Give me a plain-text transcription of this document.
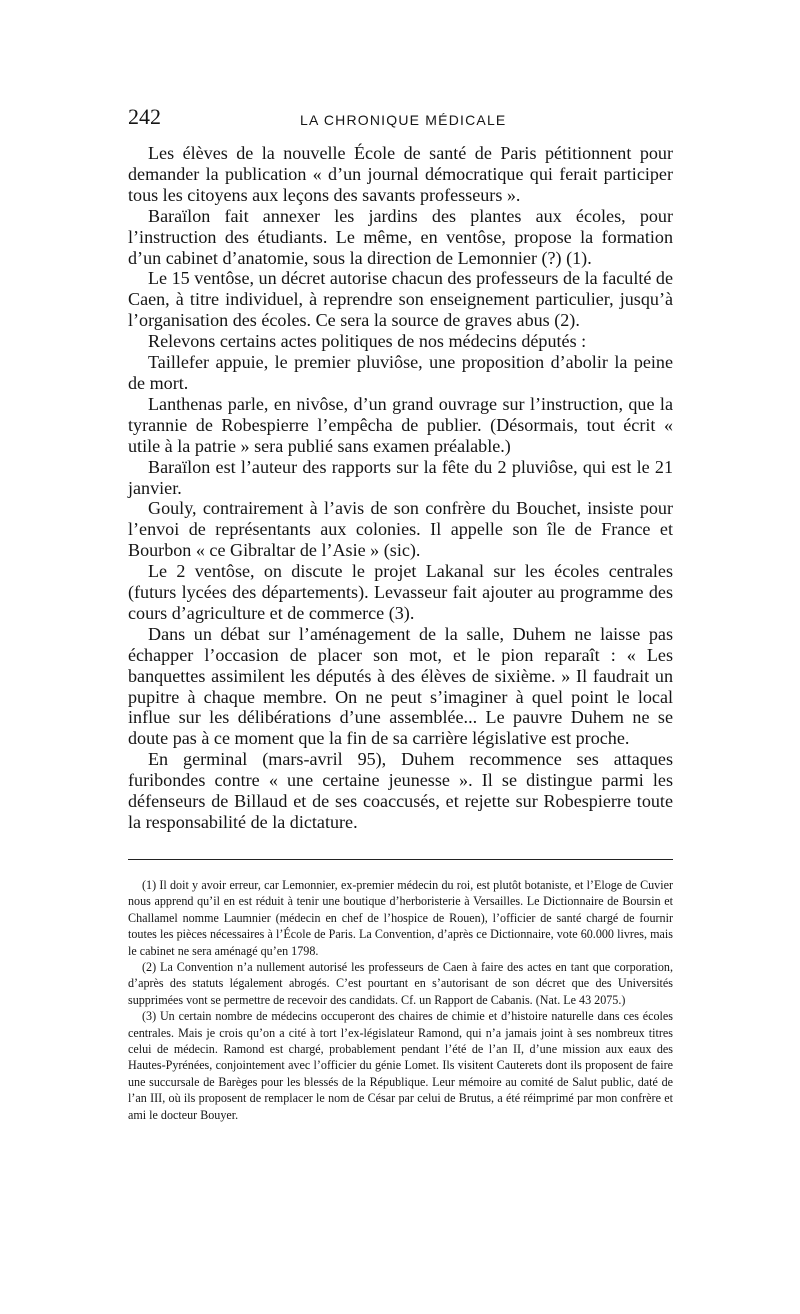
242	LA CHRONIQUE MÉDICALE

Les élèves de la nouvelle École de santé de Paris pétitionnent pour demander la publication « d’un journal démocratique qui ferait participer tous les citoyens aux leçons des savants professeurs ».

Baraïlon fait annexer les jardins des plantes aux écoles, pour l’instruction des étudiants. Le même, en ventôse, propose la formation d’un cabinet d’anatomie, sous la direction de Lemonnier (?) (1).

Le 15 ventôse, un décret autorise chacun des professeurs de la faculté de Caen, à titre individuel, à reprendre son enseignement particulier, jusqu’à l’organisation des écoles. Ce sera la source de graves abus (2).

Relevons certains actes politiques de nos médecins députés :

Taillefer appuie, le premier pluviôse, une proposition d’abolir la peine de mort.

Lanthenas parle, en nivôse, d’un grand ouvrage sur l’instruction, que la tyrannie de Robespierre l’empêcha de publier. (Désormais, tout écrit « utile à la patrie » sera publié sans examen préalable.)

Baraïlon est l’auteur des rapports sur la fête du 2 pluviôse, qui est le 21 janvier.

Gouly, contrairement à l’avis de son confrère du Bouchet, insiste pour l’envoi de représentants aux colonies. Il appelle son île de France et Bourbon « ce Gibraltar de l’Asie » (sic).

Le 2 ventôse, on discute le projet Lakanal sur les écoles centrales (futurs lycées des départements). Levasseur fait ajouter au programme des cours d’agriculture et de commerce (3).

Dans un débat sur l’aménagement de la salle, Duhem ne laisse pas échapper l’occasion de placer son mot, et le pion reparaît : « Les banquettes assimilent les députés à des élèves de sixième. » Il faudrait un pupitre à chaque membre. On ne peut s’imaginer à quel point le local influe sur les délibérations d’une assemblée... Le pauvre Duhem ne se doute pas à ce moment que la fin de sa carrière législative est proche.

En germinal (mars-avril 95), Duhem recommence ses attaques furibondes contre « une certaine jeunesse ». Il se distingue parmi les défenseurs de Billaud et de ses coaccusés, et rejette sur Robespierre toute la responsabilité de la dictature.

(1) Il doit y avoir erreur, car Lemonnier, ex-premier médecin du roi, est plutôt botaniste, et l’Eloge de Cuvier nous apprend qu’il en est réduit à tenir une boutique d’herboristerie à Versailles. Le Dictionnaire de Boursin et Challamel nomme Laumnier (médecin en chef de l’hospice de Rouen), l’officier de santé chargé de fournir toutes les pièces nécessaires à l’École de Paris. La Convention, d’après ce Dictionnaire, vote 60.000 livres, mais le cabinet ne sera aménagé qu’en 1798.

(2) La Convention n’a nullement autorisé les professeurs de Caen à faire des actes en tant que corporation, d’après des statuts légalement abrogés. C’est pourtant en s’autorisant de son décret que des Universités supprimées vont se permettre de recevoir des candidats. Cf. un Rapport de Cabanis. (Nat. Le 43 2075.)

(3) Un certain nombre de médecins occuperont des chaires de chimie et d’histoire naturelle dans ces écoles centrales. Mais je crois qu’on a cité à tort l’ex-législateur Ramond, qui n’a jamais joint à ses nombreux titres celui de médecin. Ramond est chargé, probablement pendant l’été de l’an II, d’une mission aux eaux des Hautes-Pyrénées, conjointement avec l’officier du génie Lomet. Ils visitent Cauterets dont ils proposent de faire une succursale de Barèges pour les blessés de la République. Leur mémoire au comité de Salut public, daté de l’an III, où ils proposent de remplacer le nom de César par celui de Brutus, a été réimprimé par mon confrère et ami le docteur Bouyer.
